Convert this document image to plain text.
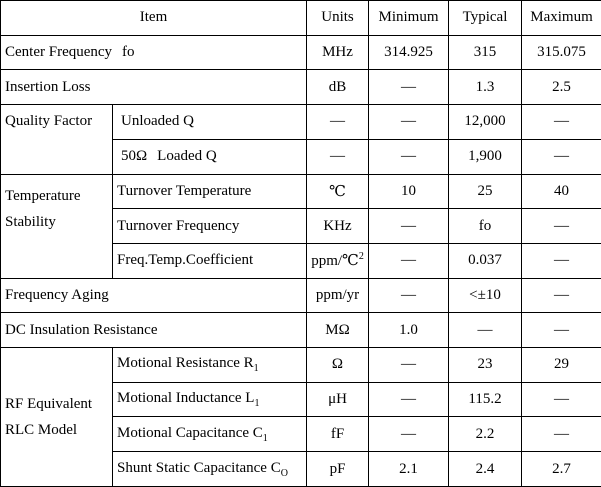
Item		Units	Minimum	Typical	Maximum
Center Frequency fo		MHz	314.925	315	315.075
Insertion Loss		dB	—	1.3	2.5
Quality Factor	Unloaded Q	—	—	12,000	—
	50Ω Loaded Q	—	—	1,900	—

Temperature
Stability	Turnover Temperature	℃	10	25	40
	Turnover Frequency	KHz	—	fo	—
	Freq.Temp.Coefficient	ppm/℃$^2$	—	0.037	—
Frequency Aging		ppm/yr	—	<±10	—
DC Insulation Resistance		MΩ	1.0	—	—

RF Equivalent
RLC Model	Motional Resistance $R_1$	Ω	—	23	29
	Motional Inductance $L_1$	μH	—	115.2	—
	Motional Capacitance $C_1$	fF	—	2.2	—
	Shunt Static Capacitance $C_O$	pF	2.1	2.4	2.7
